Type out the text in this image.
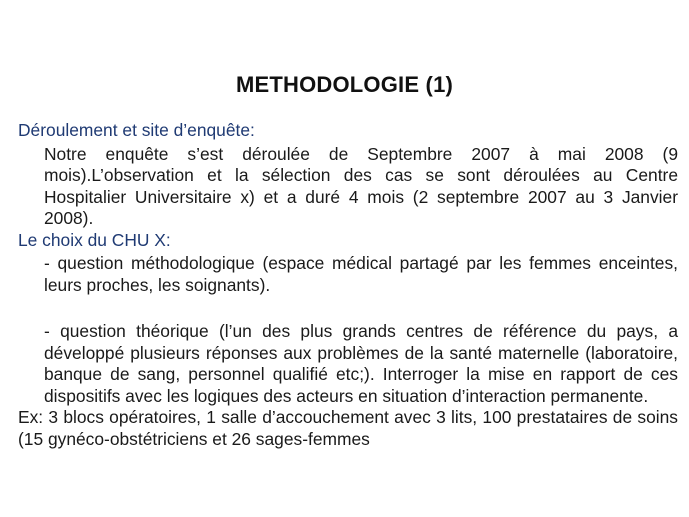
METHODOLOGIE (1)

Déroulement et site d’enquête:

Notre enquête s’est déroulée de Septembre 2007 à mai 2008 (9 mois).L’observation et la sélection des cas se sont déroulées au Centre Hospitalier Universitaire x) et a duré 4 mois (2 septembre 2007 au 3 Janvier 2008).

Le choix du CHU X:

- question méthodologique (espace médical partagé par les femmes enceintes, leurs proches, les soignants).

- question théorique (l’un des plus grands centres de référence du pays, a développé plusieurs réponses aux problèmes de la santé maternelle (laboratoire, banque de sang, personnel qualifié etc;). Interroger la mise en rapport de ces dispositifs avec les logiques des acteurs en situation d’interaction permanente.

Ex: 3 blocs opératoires, 1 salle d’accouchement avec 3 lits, 100 prestataires de soins (15 gynéco-obstétriciens et 26 sages-femmes
